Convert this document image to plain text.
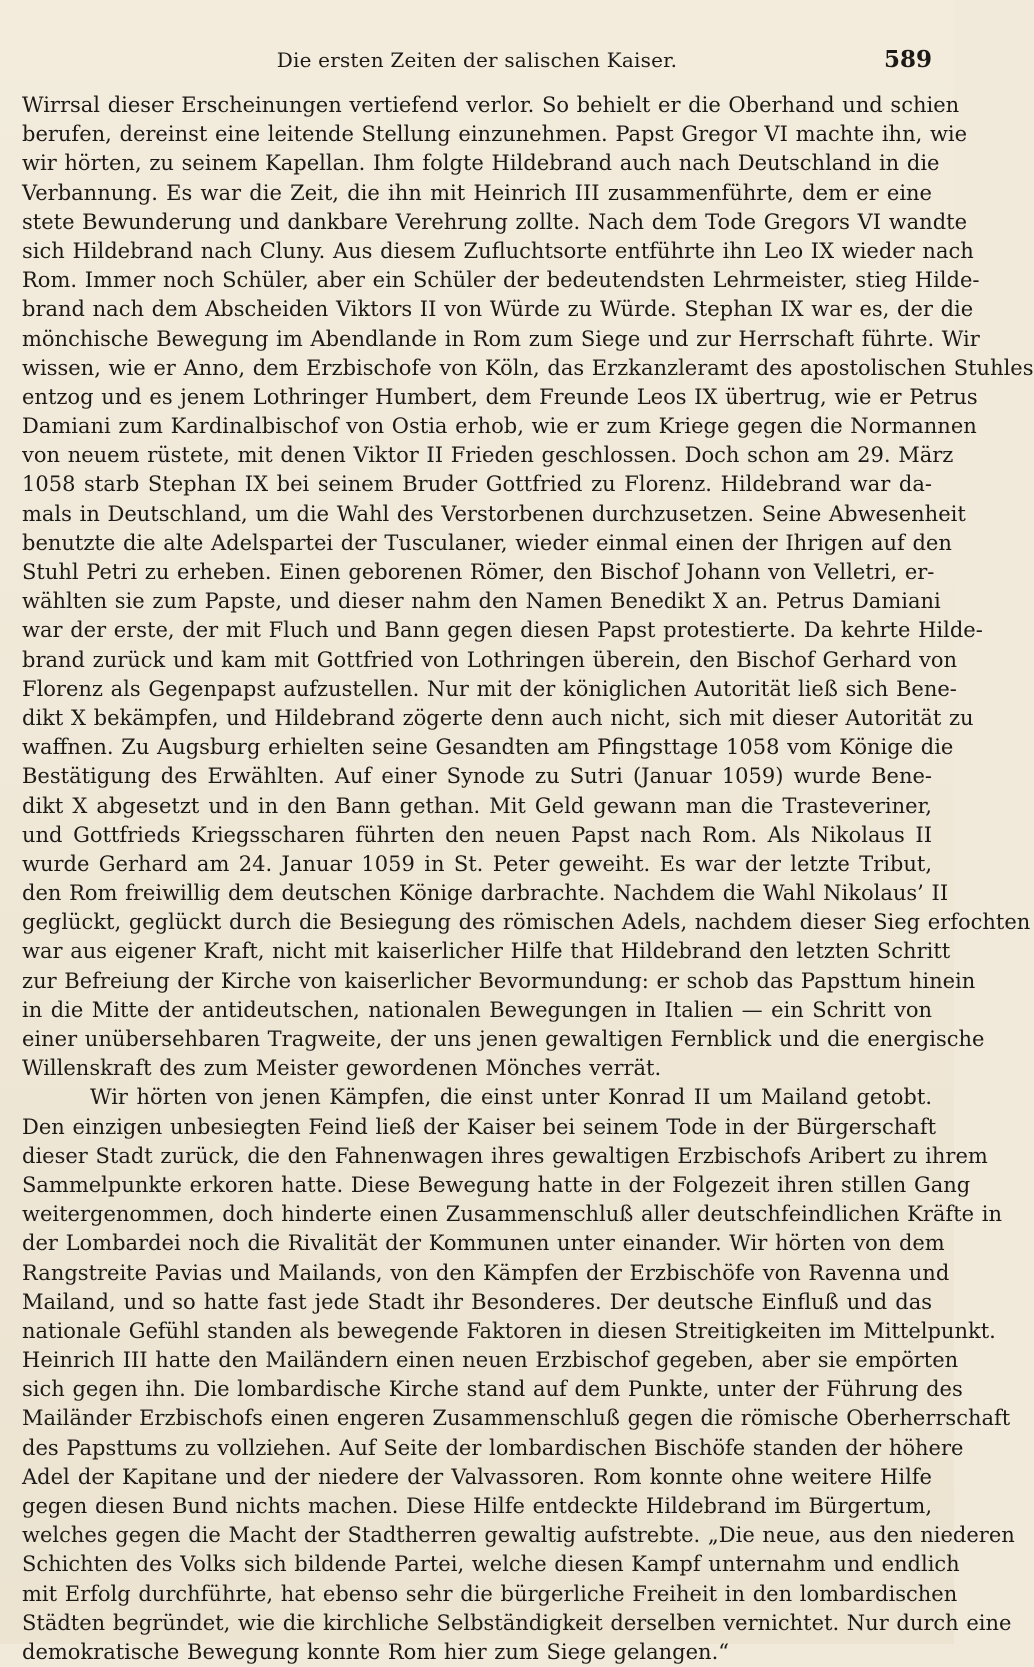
Die ersten Zeiten der salischen Kaiser.	589
Wirrsal dieser Erscheinungen vertiefend verlor. So behielt er die Oberhand und schien
berufen, dereinst eine leitende Stellung einzunehmen. Papst Gregor VI machte ihn, wie
wir hörten, zu seinem Kapellan. Ihm folgte Hildebrand auch nach Deutschland in die
Verbannung. Es war die Zeit, die ihn mit Heinrich III zusammenführte, dem er eine
stete Bewunderung und dankbare Verehrung zollte. Nach dem Tode Gregors VI wandte
sich Hildebrand nach Cluny. Aus diesem Zufluchtsorte entführte ihn Leo IX wieder nach
Rom. Immer noch Schüler, aber ein Schüler der bedeutendsten Lehrmeister, stieg Hilde-
brand nach dem Abscheiden Viktors II von Würde zu Würde. Stephan IX war es, der die
mönchische Bewegung im Abendlande in Rom zum Siege und zur Herrschaft führte. Wir
wissen, wie er Anno, dem Erzbischofe von Köln, das Erzkanzleramt des apostolischen Stuhles
entzog und es jenem Lothringer Humbert, dem Freunde Leos IX übertrug, wie er Petrus
Damiani zum Kardinalbischof von Ostia erhob, wie er zum Kriege gegen die Normannen
von neuem rüstete, mit denen Viktor II Frieden geschlossen. Doch schon am 29. März
1058 starb Stephan IX bei seinem Bruder Gottfried zu Florenz. Hildebrand war da-
mals in Deutschland, um die Wahl des Verstorbenen durchzusetzen. Seine Abwesenheit
benutzte die alte Adelspartei der Tusculaner, wieder einmal einen der Ihrigen auf den
Stuhl Petri zu erheben. Einen geborenen Römer, den Bischof Johann von Velletri, er-
wählten sie zum Papste, und dieser nahm den Namen Benedikt X an. Petrus Damiani
war der erste, der mit Fluch und Bann gegen diesen Papst protestierte. Da kehrte Hilde-
brand zurück und kam mit Gottfried von Lothringen überein, den Bischof Gerhard von
Florenz als Gegenpapst aufzustellen. Nur mit der königlichen Autorität ließ sich Bene-
dikt X bekämpfen, und Hildebrand zögerte denn auch nicht, sich mit dieser Autorität zu
waffnen. Zu Augsburg erhielten seine Gesandten am Pfingsttage 1058 vom Könige die
Bestätigung des Erwählten. Auf einer Synode zu Sutri (Januar 1059) wurde Bene-
dikt X abgesetzt und in den Bann gethan. Mit Geld gewann man die Trasteveriner,
und Gottfrieds Kriegsscharen führten den neuen Papst nach Rom. Als Nikolaus II
wurde Gerhard am 24. Januar 1059 in St. Peter geweiht. Es war der letzte Tribut,
den Rom freiwillig dem deutschen Könige darbrachte. Nachdem die Wahl Nikolaus’ II
geglückt, geglückt durch die Besiegung des römischen Adels, nachdem dieser Sieg erfochten
war aus eigener Kraft, nicht mit kaiserlicher Hilfe that Hildebrand den letzten Schritt
zur Befreiung der Kirche von kaiserlicher Bevormundung: er schob das Papsttum hinein
in die Mitte der antideutschen, nationalen Bewegungen in Italien — ein Schritt von
einer unübersehbaren Tragweite, der uns jenen gewaltigen Fernblick und die energische
Willenskraft des zum Meister gewordenen Mönches verrät.
Wir hörten von jenen Kämpfen, die einst unter Konrad II um Mailand getobt.
Den einzigen unbesiegten Feind ließ der Kaiser bei seinem Tode in der Bürgerschaft
dieser Stadt zurück, die den Fahnenwagen ihres gewaltigen Erzbischofs Aribert zu ihrem
Sammelpunkte erkoren hatte. Diese Bewegung hatte in der Folgezeit ihren stillen Gang
weitergenommen, doch hinderte einen Zusammenschluß aller deutschfeindlichen Kräfte in
der Lombardei noch die Rivalität der Kommunen unter einander. Wir hörten von dem
Rangstreite Pavias und Mailands, von den Kämpfen der Erzbischöfe von Ravenna und
Mailand, und so hatte fast jede Stadt ihr Besonderes. Der deutsche Einfluß und das
nationale Gefühl standen als bewegende Faktoren in diesen Streitigkeiten im Mittelpunkt.
Heinrich III hatte den Mailändern einen neuen Erzbischof gegeben, aber sie empörten
sich gegen ihn. Die lombardische Kirche stand auf dem Punkte, unter der Führung des
Mailänder Erzbischofs einen engeren Zusammenschluß gegen die römische Oberherrschaft
des Papsttums zu vollziehen. Auf Seite der lombardischen Bischöfe standen der höhere
Adel der Kapitane und der niedere der Valvassoren. Rom konnte ohne weitere Hilfe
gegen diesen Bund nichts machen. Diese Hilfe entdeckte Hildebrand im Bürgertum,
welches gegen die Macht der Stadtherren gewaltig aufstrebte. „Die neue, aus den niederen
Schichten des Volks sich bildende Partei, welche diesen Kampf unternahm und endlich
mit Erfolg durchführte, hat ebenso sehr die bürgerliche Freiheit in den lombardischen
Städten begründet, wie die kirchliche Selbständigkeit derselben vernichtet. Nur durch eine
demokratische Bewegung konnte Rom hier zum Siege gelangen.“
